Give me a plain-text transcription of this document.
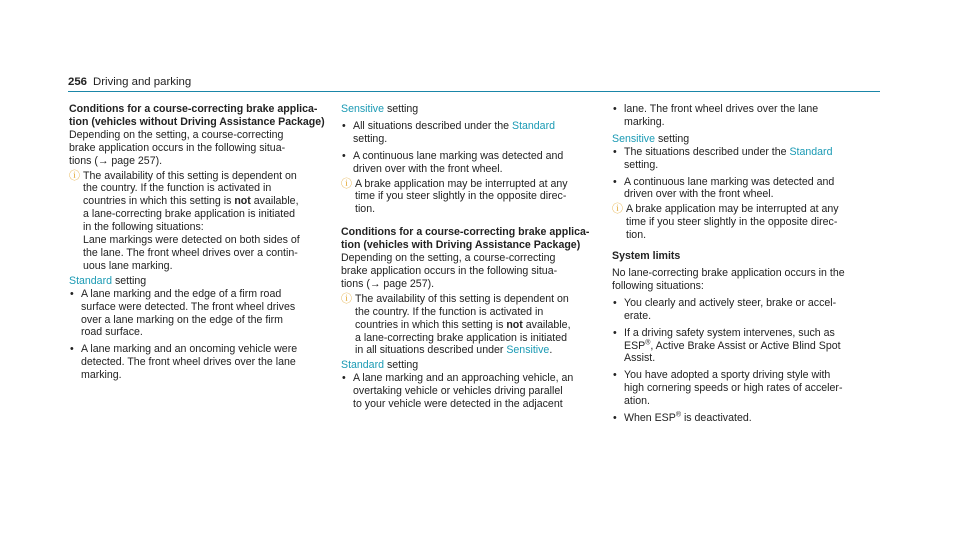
256 Driving and parking
Conditions for a course-correcting brake applica-
tion (vehicles without Driving Assistance Package)
Depending on the setting, a course-correcting
brake application occurs in the following situa-
tions (→ page 257).
ⓘ The availability of this setting is dependent on
the country. If the function is activated in
countries in which this setting is not available,
a lane-correcting brake application is initiated
in the following situations:
Lane markings were detected on both sides of
the lane. The front wheel drives over a contin-
uous lane marking.
Standard setting
• A lane marking and the edge of a firm road
surface were detected. The front wheel drives
over a lane marking on the edge of the firm
road surface.
• A lane marking and an oncoming vehicle were
detected. The front wheel drives over the lane
marking.
Sensitive setting
• All situations described under the Standard
setting.
• A continuous lane marking was detected and
driven over with the front wheel.
ⓘ A brake application may be interrupted at any
time if you steer slightly in the opposite direc-
tion.
Conditions for a course-correcting brake applica-
tion (vehicles with Driving Assistance Package)
Depending on the setting, a course-correcting
brake application occurs in the following situa-
tions (→ page 257).
ⓘ The availability of this setting is dependent on
the country. If the function is activated in
countries in which this setting is not available,
a lane-correcting brake application is initiated
in all situations described under Sensitive.
Standard setting
• A lane marking and an approaching vehicle, an
overtaking vehicle or vehicles driving parallel
to your vehicle were detected in the adjacent
• lane. The front wheel drives over the lane
marking.
Sensitive setting
• The situations described under the Standard
setting.
• A continuous lane marking was detected and
driven over with the front wheel.
ⓘ A brake application may be interrupted at any
time if you steer slightly in the opposite direc-
tion.
System limits
No lane-correcting brake application occurs in the
following situations:
• You clearly and actively steer, brake or accel-
erate.
• If a driving safety system intervenes, such as
ESP®, Active Brake Assist or Active Blind Spot
Assist.
• You have adopted a sporty driving style with
high cornering speeds or high rates of acceler-
ation.
• When ESP® is deactivated.
